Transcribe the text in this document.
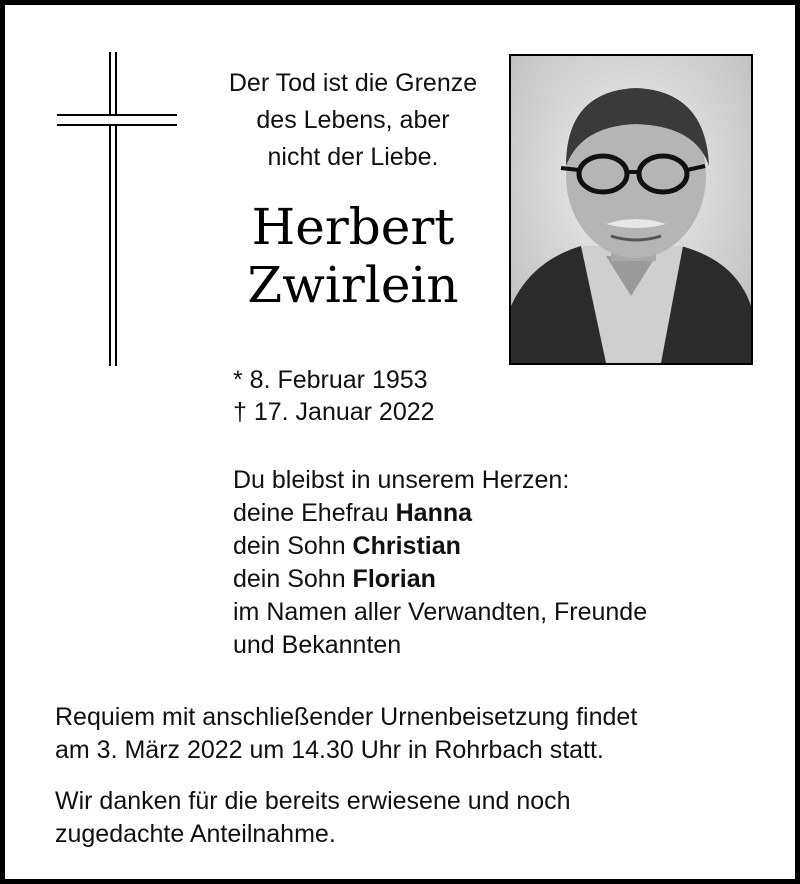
Der Tod ist die Grenze
des Lebens, aber
nicht der Liebe.
Herbert
Zwirlein
* 8. Februar 1953
† 17. Januar 2022
Du bleibst in unserem Herzen:
deine Ehefrau Hanna
dein Sohn Christian
dein Sohn Florian
im Namen aller Verwandten, Freunde
und Bekannten
Requiem mit anschließender Urnenbeisetzung findet
am 3. März 2022 um 14.30 Uhr in Rohrbach statt.
Wir danken für die bereits erwiesene und noch
zugedachte Anteilnahme.
